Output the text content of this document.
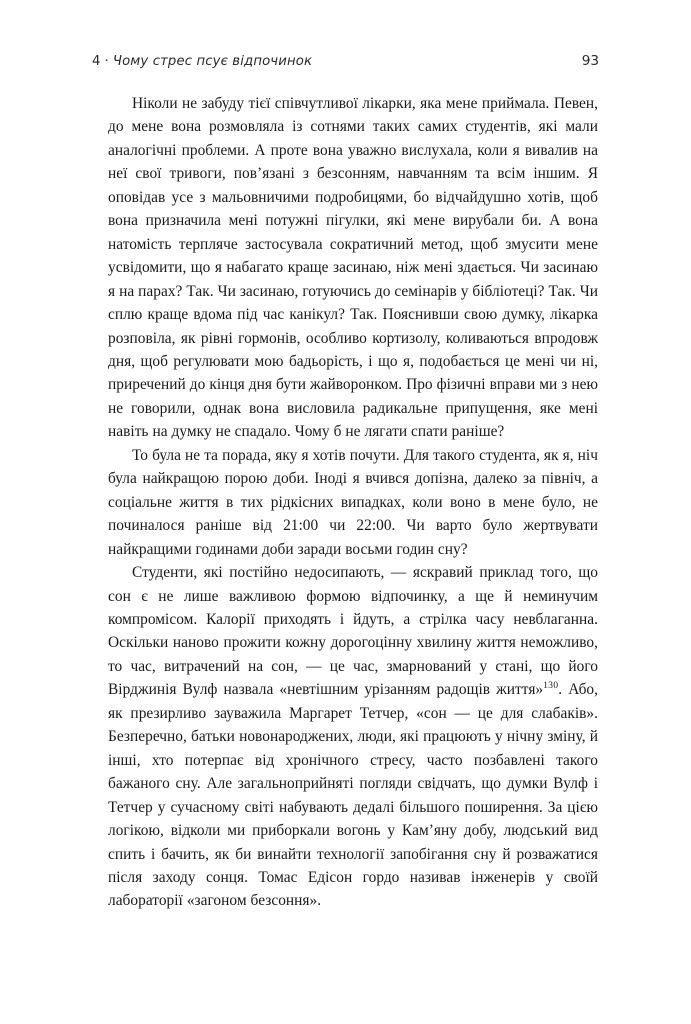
4 · Чому стрес псує відпочинок	93

Ніколи не забуду тієї співчутливої лікарки, яка мене приймала. Певен, до мене вона розмовляла із сотнями таких самих студентів, які мали аналогічні проблеми. А проте вона уважно вислухала, коли я вивалив на неї свої тривоги, пов’язані з безсонням, навчанням та всім іншим. Я оповідав усе з мальовничими подробицями, бо відчайдушно хотів, щоб вона призначила мені потужні пігулки, які мене вирубали би. А вона натомість терпляче застосувала сократичний метод, щоб змусити мене усвідомити, що я набагато краще засинаю, ніж мені здається. Чи засинаю я на парах? Так. Чи засинаю, готуючись до семінарів у бібліотеці? Так. Чи сплю краще вдома під час канікул? Так. Пояснивши свою думку, лікарка розповіла, як рівні гормонів, особливо кортизолу, коливаються впродовж дня, щоб регулювати мою бадьорість, і що я, подобається це мені чи ні, приречений до кінця дня бути жайворонком. Про фізичні вправи ми з нею не говорили, однак вона висловила радикальне припущення, яке мені навіть на думку не спадало. Чому б не лягати спати раніше?

То була не та порада, яку я хотів почути. Для такого студента, як я, ніч була найкращою порою доби. Іноді я вчився допізна, далеко за північ, а соціальне життя в тих рідкісних випадках, коли воно в мене було, не починалося раніше від 21:00 чи 22:00. Чи варто було жертвувати найкращими годинами доби заради восьми годин сну?

Студенти, які постійно недосипають, — яскравий приклад того, що сон є не лише важливою формою відпочинку, а ще й неминучим компромісом. Калорії приходять і йдуть, а стрілка часу невблаганна. Оскільки наново прожити кожну дорогоцінну хвилину життя неможливо, то час, витрачений на сон, — це час, змарнований у стані, що його Вірджинія Вулф назвала «невтішним урізанням радощів життя»$^{130}$. Або, як презирливо зауважила Маргарет Тетчер, «сон — це для слабаків». Безперечно, батьки новонароджених, люди, які працюють у нічну зміну, й інші, хто потерпає від хронічного стресу, часто позбавлені такого бажаного сну. Але загальноприйняті погляди свідчать, що думки Вулф і Тетчер у сучасному світі набувають дедалі більшого поширення. За цією логікою, відколи ми приборкали вогонь у Кам’яну добу, людський вид спить і бачить, як би винайти технології запобігання сну й розважатися після заходу сонця. Томас Едісон гордо називав інженерів у своїй лабораторії «загоном безсоння».
